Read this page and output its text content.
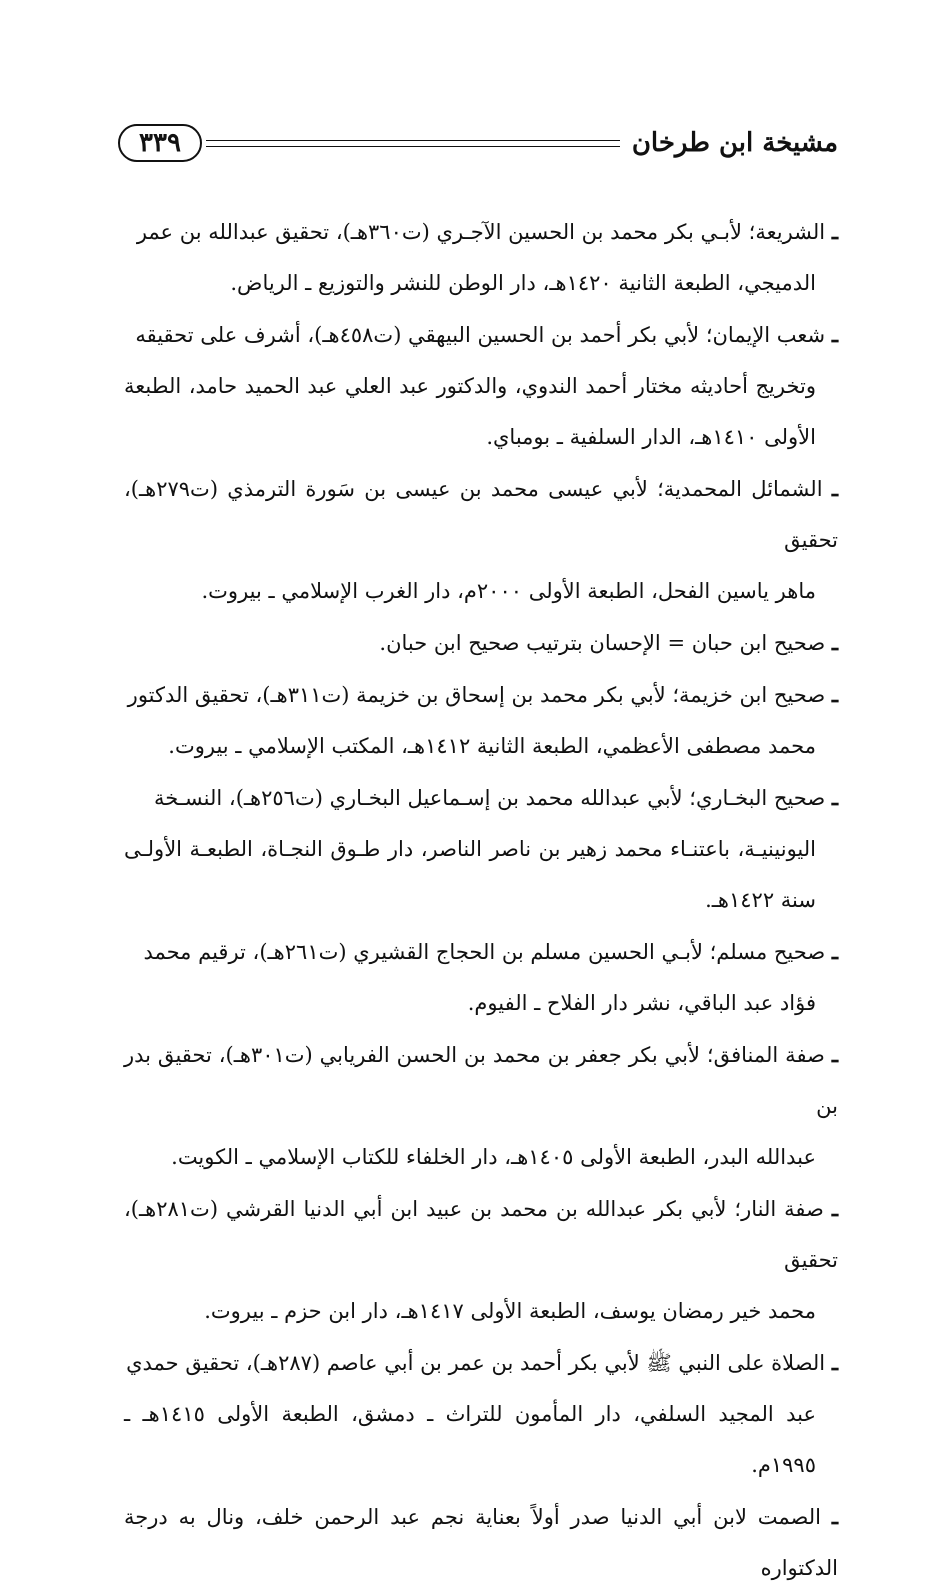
مشيخة ابن طرخان
٣٣٩
ـ الشريعة؛ لأبـي بكر محمد بن الحسين الآجـري (ت٣٦٠هـ)، تحقيق عبدالله بن عمر
الدميجي، الطبعة الثانية ١٤٢٠هـ، دار الوطن للنشر والتوزيع ـ الرياض.
ـ شعب الإيمان؛ لأبي بكر أحمد بن الحسين البيهقي (ت٤٥٨هـ)، أشرف على تحقيقه
وتخريج أحاديثه مختار أحمد الندوي، والدكتور عبد العلي عبد الحميد حامد، الطبعة الأولى ١٤١٠هـ، الدار السلفية ـ بومباي.
ـ الشمائل المحمدية؛ لأبي عيسى محمد بن عيسى بن سَورة الترمذي (ت٢٧٩هـ)، تحقيق
ماهر ياسين الفحل، الطبعة الأولى ٢٠٠٠م، دار الغرب الإسلامي ـ بيروت.
ـ صحيح ابن حبان = الإحسان بترتيب صحيح ابن حبان.
ـ صحيح ابن خزيمة؛ لأبي بكر محمد بن إسحاق بن خزيمة (ت٣١١هـ)، تحقيق الدكتور
محمد مصطفى الأعظمي، الطبعة الثانية ١٤١٢هـ، المكتب الإسلامي ـ بيروت.
ـ صحيح البخـاري؛ لأبي عبدالله محمد بن إسـماعيل البخـاري (ت٢٥٦هـ)، النسـخة
اليونينيـة، باعتنـاء محمد زهير بن ناصر الناصر، دار طـوق النجـاة، الطبعـة الأولـى سنة ١٤٢٢هـ.
ـ صحيح مسلم؛ لأبـي الحسين مسلم بن الحجاج القشيري (ت٢٦١هـ)، ترقيم محمد
فؤاد عبد الباقي، نشر دار الفلاح ـ الفيوم.
ـ صفة المنافق؛ لأبي بكر جعفر بن محمد بن الحسن الفريابي (ت٣٠١هـ)، تحقيق بدر بن
عبدالله البدر، الطبعة الأولى ١٤٠٥هـ، دار الخلفاء للكتاب الإسلامي ـ الكويت.
ـ صفة النار؛ لأبي بكر عبدالله بن محمد بن عبيد ابن أبي الدنيا القرشي (ت٢٨١هـ)، تحقيق
محمد خير رمضان يوسف، الطبعة الأولى ١٤١٧هـ، دار ابن حزم ـ بيروت.
ـ الصلاة على النبي ﷺ لأبي بكر أحمد بن عمر بن أبي عاصم (٢٨٧هـ)، تحقيق حمدي
عبد المجيد السلفي، دار المأمون للتراث ـ دمشق، الطبعة الأولى ١٤١٥هـ ـ ١٩٩٥م.
ـ الصمت لابن أبي الدنيا صدر أولاً بعناية نجم عبد الرحمن خلف، ونال به درجة الدكتواره
